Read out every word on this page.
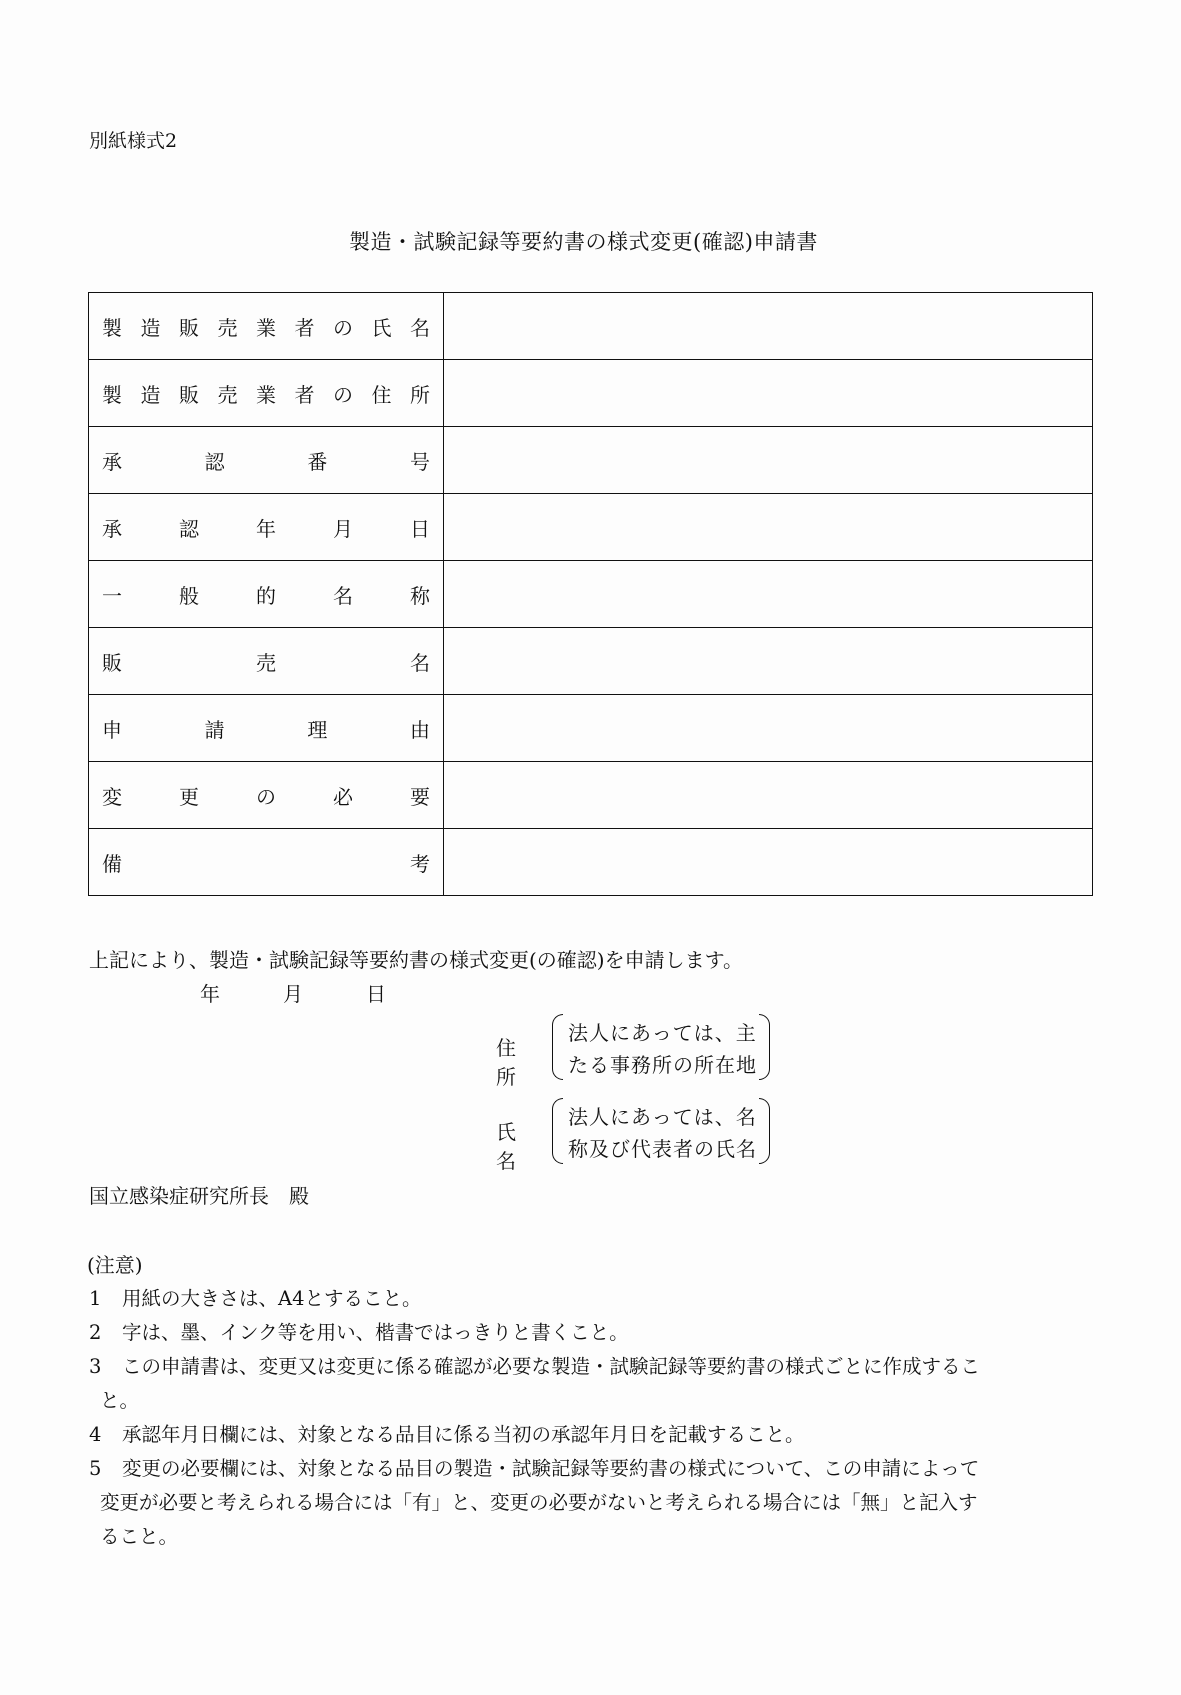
別紙様式2
製造・試験記録等要約書の様式変更(確認)申請書
製 造 販 売 業 者 の 氏 名

製 造 販 売 業 者 の 住 所

承 認 番 号	

承 認 年 月 日	

一 般 的 名 称	

販 売 名	

申 請 理 由	

変 更 の 必 要	

備 考	

上記により、製造・試験記録等要約書の様式変更(の確認)を申請します。
年	月	日
住所
法人にあっては、主
たる事務所の所在地
氏名
法人にあっては、名
称及び代表者の氏名
国立感染症研究所長　殿
(注意)
1	用紙の大きさは、A4とすること。
2	字は、墨、インク等を用い、楷書ではっきりと書くこと。
3	この申請書は、変更又は変更に係る確認が必要な製造・試験記録等要約書の様式ごとに作成するこ
と。
4	承認年月日欄には、対象となる品目に係る当初の承認年月日を記載すること。
5	変更の必要欄には、対象となる品目の製造・試験記録等要約書の様式について、この申請によって
変更が必要と考えられる場合には「有」と、変更の必要がないと考えられる場合には「無」と記入す
ること。
